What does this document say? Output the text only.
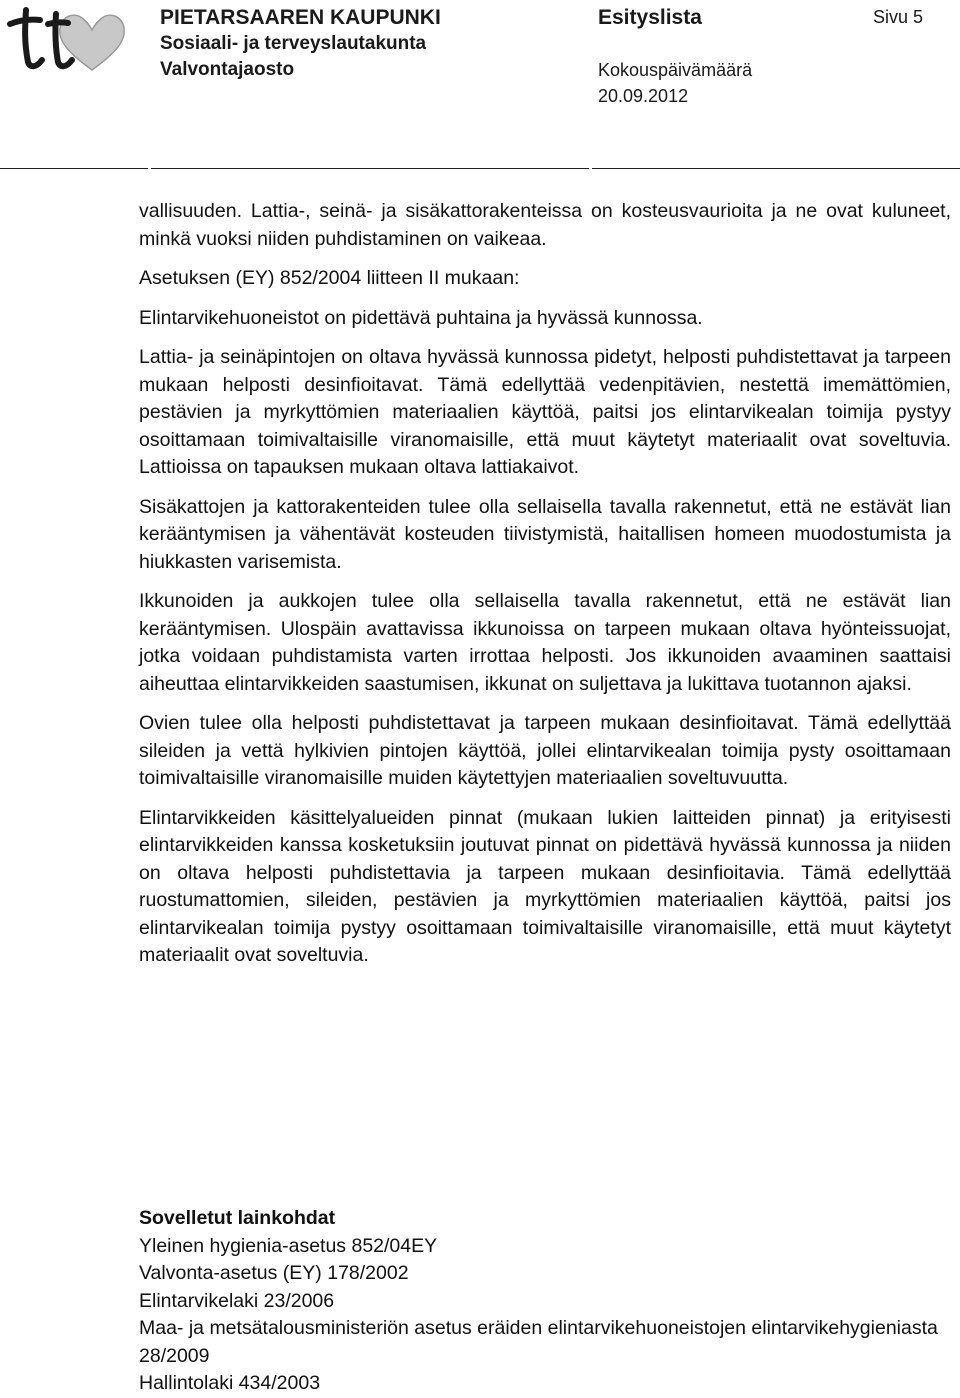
PIETARSAAREN KAUPUNKI
Sosiaali- ja terveyslautakunta
Valvontajaosto
Esityslista
Kokouspäivämäärä
20.09.2012
Sivu 5

vallisuuden. Lattia-, seinä- ja sisäkattorakenteissa on kosteusvaurioita ja ne ovat kuluneet, minkä vuoksi niiden puhdistaminen on vaikeaa.

Asetuksen (EY) 852/2004 liitteen II mukaan:

Elintarvikehuoneistot on pidettävä puhtaina ja hyvässä kunnossa.

Lattia- ja seinäpintojen on oltava hyvässä kunnossa pidetyt, helposti puhdistettavat ja tarpeen mukaan helposti desinfioitavat. Tämä edellyttää vedenpitävien, nestettä imemättömien, pestävien ja myrkyttömien materiaalien käyttöä, paitsi jos elintarvikealan toimija pystyy osoittamaan toimivaltaisille viranomaisille, että muut käytetyt materiaalit ovat soveltuvia. Lattioissa on tapauksen mukaan oltava lattiakaivot.

Sisäkattojen ja kattorakenteiden tulee olla sellaisella tavalla rakennetut, että ne estävät lian kerääntymisen ja vähentävät kosteuden tiivistymistä, haitallisen homeen muodostumista ja hiukkasten varisemista.

Ikkunoiden ja aukkojen tulee olla sellaisella tavalla rakennetut, että ne estävät lian kerääntymisen. Ulospäin avattavissa ikkunoissa on tarpeen mukaan oltava hyönteissuojat, jotka voidaan puhdistamista varten irrottaa helposti. Jos ikkunoiden avaaminen saattaisi aiheuttaa elintarvikkeiden saastumisen, ikkunat on suljettava ja lukittava tuotannon ajaksi.

Ovien tulee olla helposti puhdistettavat ja tarpeen mukaan desinfioitavat. Tämä edellyttää sileiden ja vettä hylkivien pintojen käyttöä, jollei elintarvikealan toimija pysty osoittamaan toimivaltaisille viranomaisille muiden käytettyjen materiaalien soveltuvuutta.

Elintarvikkeiden käsittelyalueiden pinnat (mukaan lukien laitteiden pinnat) ja erityisesti elintarvikkeiden kanssa kosketuksiin joutuvat pinnat on pidettävä hyvässä kunnossa ja niiden on oltava helposti puhdistettavia ja tarpeen mukaan desinfioitavia. Tämä edellyttää ruostumattomien, sileiden, pestävien ja myrkyttömien materiaalien käyttöä, paitsi jos elintarvikealan toimija pystyy osoittamaan toimivaltaisille viranomaisille, että muut käytetyt materiaalit ovat soveltuvia.

Sovelletut lainkohdat
Yleinen hygienia-asetus 852/04EY
Valvonta-asetus (EY) 178/2002
Elintarvikelaki 23/2006
Maa- ja metsätalousministeriön asetus eräiden elintarvikehuoneistojen elintarvikehygieniasta 28/2009
Hallintolaki 434/2003
